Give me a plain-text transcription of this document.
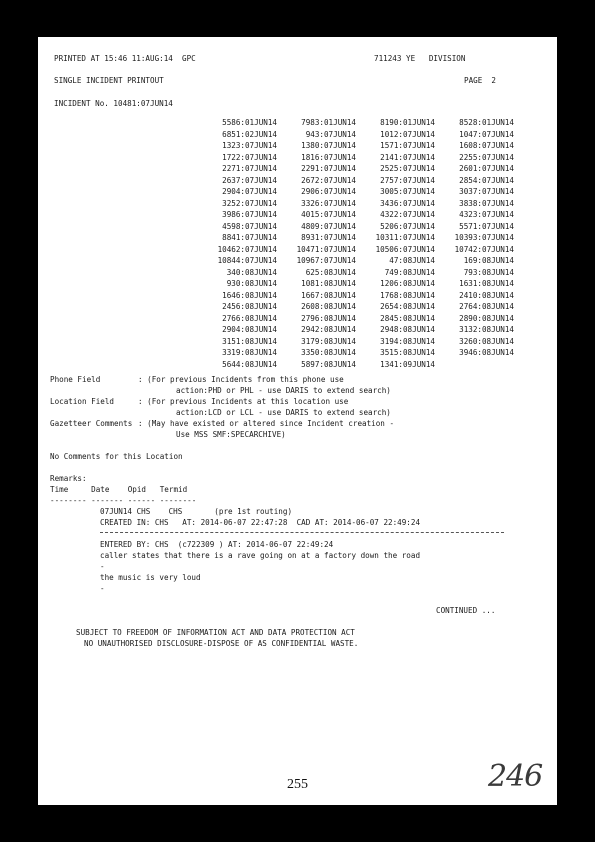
PRINTED AT 15:46 11:AUG:14  GPC	711243 YE   DIVISION
SINGLE INCIDENT PRINTOUT	PAGE  2
INCIDENT No. 10481:07JUN14
5586:01JUN14	7983:01JUN14	8190:01JUN14	8528:01JUN14
6851:02JUN14	943:07JUN14	1012:07JUN14	1047:07JUN14
1323:07JUN14	1380:07JUN14	1571:07JUN14	1608:07JUN14
1722:07JUN14	1816:07JUN14	2141:07JUN14	2255:07JUN14
2271:07JUN14	2291:07JUN14	2525:07JUN14	2601:07JUN14
2637:07JUN14	2672:07JUN14	2757:07JUN14	2854:07JUN14
2904:07JUN14	2906:07JUN14	3005:07JUN14	3037:07JUN14
3252:07JUN14	3326:07JUN14	3436:07JUN14	3838:07JUN14
3986:07JUN14	4015:07JUN14	4322:07JUN14	4323:07JUN14
4598:07JUN14	4809:07JUN14	5206:07JUN14	5571:07JUN14
8841:07JUN14	8931:07JUN14	10311:07JUN14	10393:07JUN14
10462:07JUN14	10471:07JUN14	10506:07JUN14	10742:07JUN14
10844:07JUN14	10967:07JUN14	47:08JUN14	169:08JUN14
340:08JUN14	625:08JUN14	749:08JUN14	793:08JUN14
930:08JUN14	1081:08JUN14	1206:08JUN14	1631:08JUN14
1646:08JUN14	1667:08JUN14	1768:08JUN14	2410:08JUN14
2456:08JUN14	2608:08JUN14	2654:08JUN14	2764:08JUN14
2766:08JUN14	2796:08JUN14	2845:08JUN14	2890:08JUN14
2904:08JUN14	2942:08JUN14	2948:08JUN14	3132:08JUN14
3151:08JUN14	3179:08JUN14	3194:08JUN14	3260:08JUN14
3319:08JUN14	3350:08JUN14	3515:08JUN14	3946:08JUN14
5644:08JUN14	5897:08JUN14	1341:09JUN14
Phone Field	: (For previous Incidents from this phone use
action:PHD or PHL - use DARIS to extend search)
Location Field	: (For previous Incidents at this location use
action:LCD or LCL - use DARIS to extend search)
Gazetteer Comments : (May have existed or altered since Incident creation -
Use MSS SMF:SPECARCHIVE)
No Comments for this Location
Remarks:
Time     Date    Opid   Termid
-------- ------- ------ --------
07JUN14 CHS    CHS       (pre 1st routing)
CREATED IN: CHS   AT: 2014-06-07 22:47:28  CAD AT: 2014-06-07 22:49:24
ENTERED BY: CHS  (c722309 ) AT: 2014-06-07 22:49:24
caller states that there is a rave going on at a factory down the road
-
the music is very loud
-
CONTINUED ...
SUBJECT TO FREEDOM OF INFORMATION ACT AND DATA PROTECTION ACT
NO UNAUTHORISED DISCLOSURE-DISPOSE OF AS CONFIDENTIAL WASTE.
255	246
